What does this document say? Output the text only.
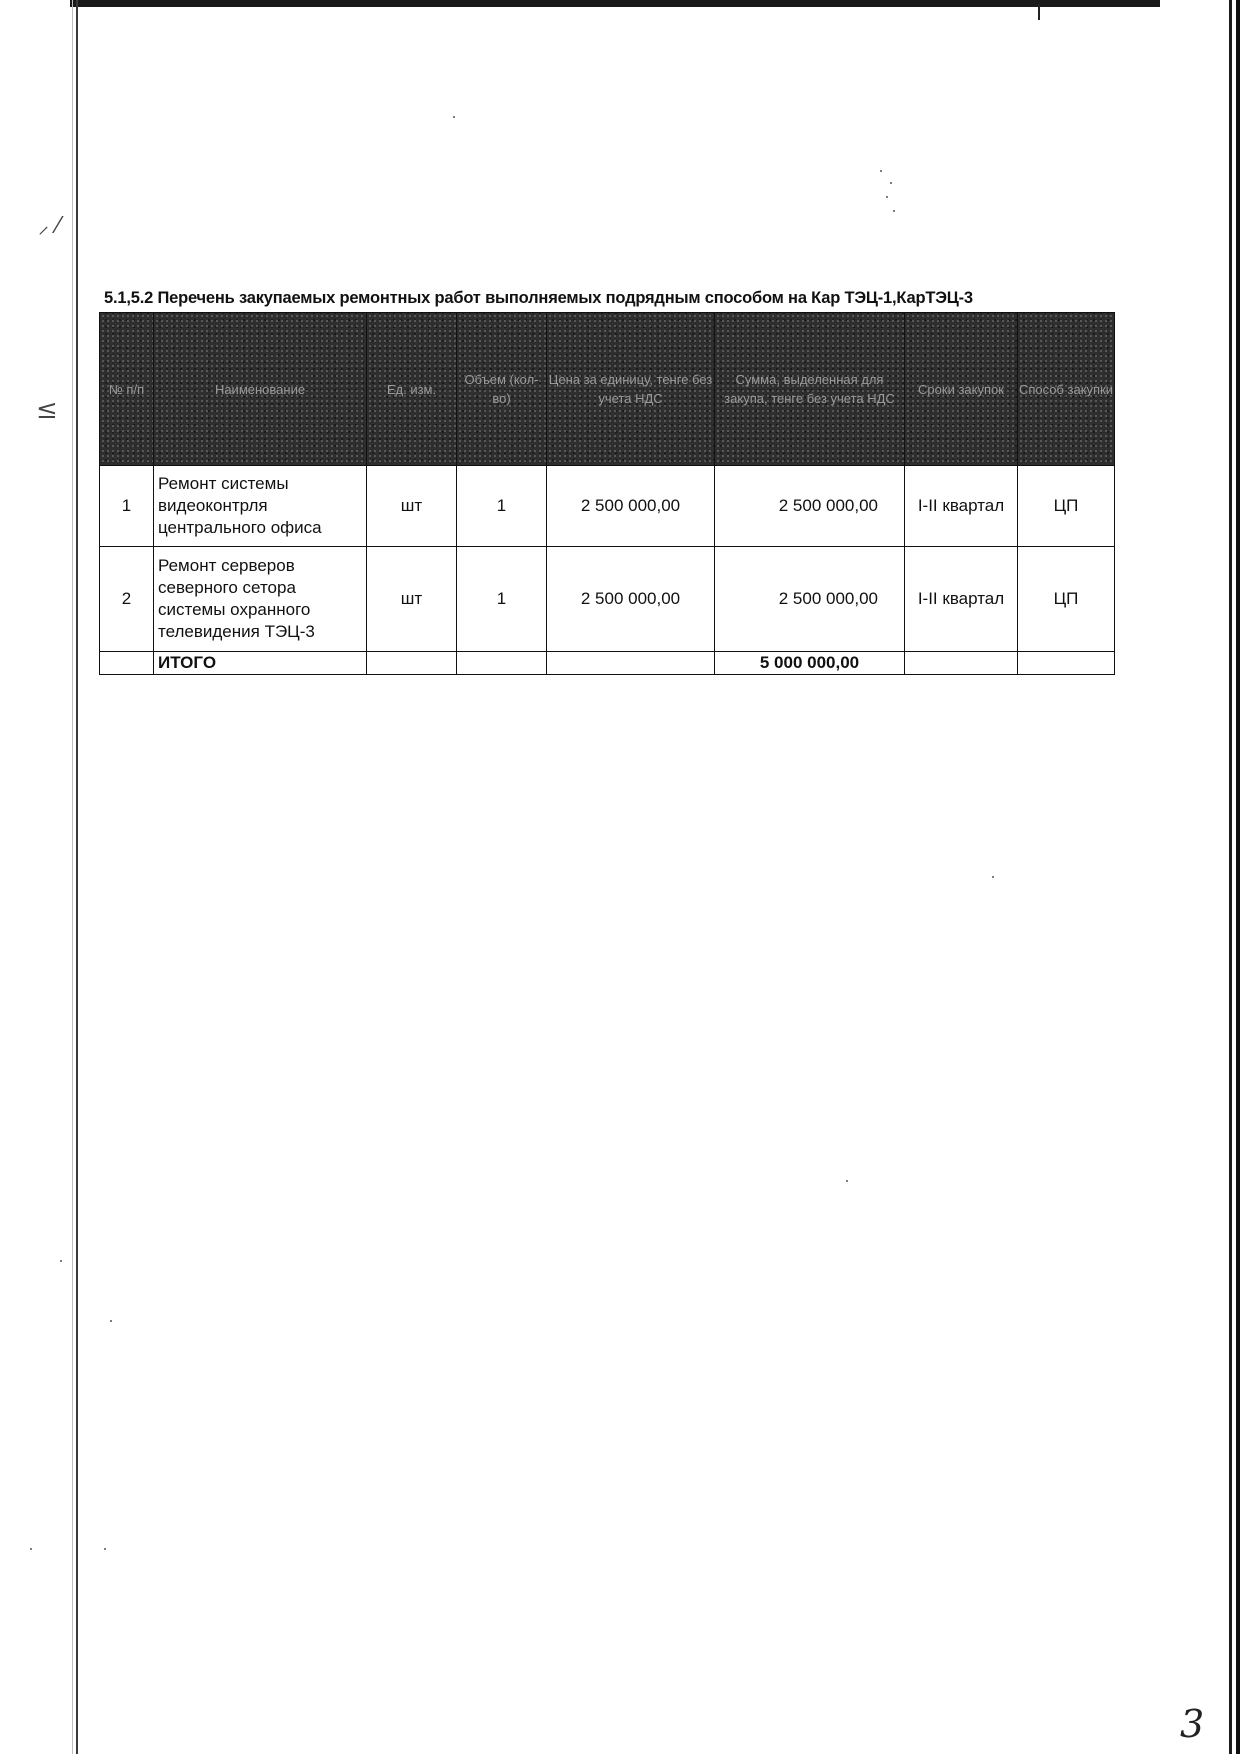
⸝ ⁄
≤
5.1,5.2 Перечень закупаемых ремонтных работ выполняемых подрядным способом на Кар ТЭЦ-1,КарТЭЦ-3
№ п/п	Наименование	Ед. изм.	Объем (кол-во)	Цена за единицу, тенге без учета НДС	Сумма, выделенная для закупа, тенге без учета НДС	Сроки закупок	Способ закупки
1	Ремонт системы видеоконтрля центрального офиса	шт	1	2 500 000,00	2 500 000,00	I-II квартал	ЦП
2	Ремонт серверов северного сетора системы охранного телевидения ТЭЦ-3	шт	1	2 500 000,00	2 500 000,00	I-II квартал	ЦП
	ИТОГО				5 000 000,00		
3
